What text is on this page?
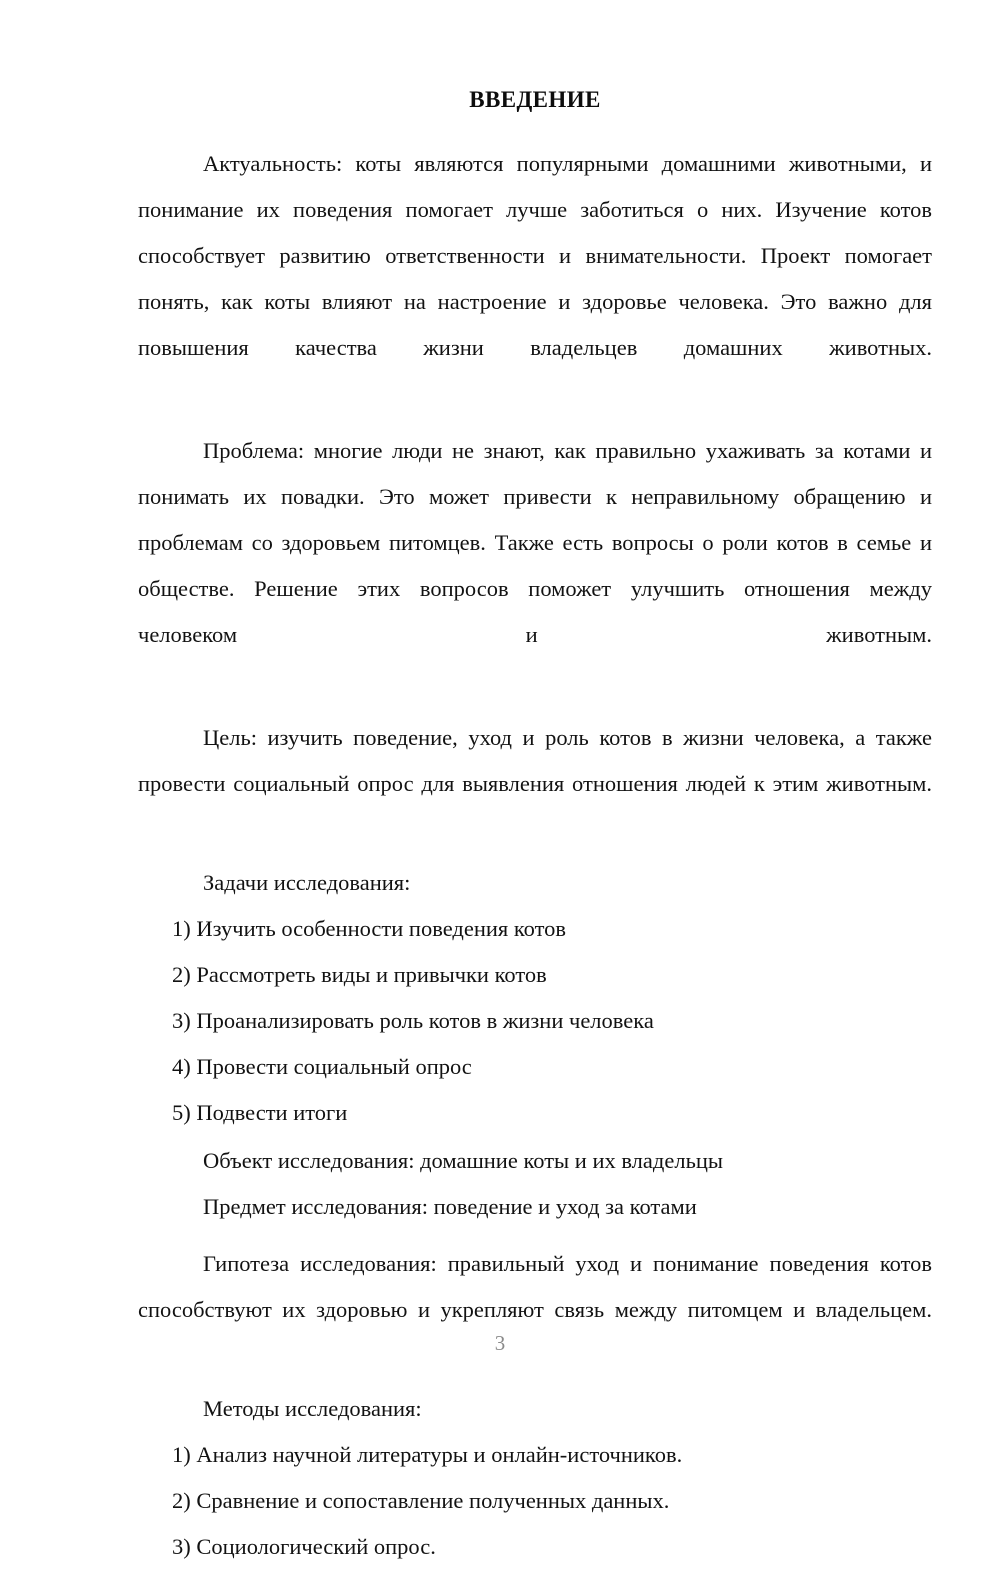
ВВЕДЕНИЕ

Актуальность: коты являются популярными домашними животными, и понимание их поведения помогает лучше заботиться о них. Изучение котов способствует развитию ответственности и внимательности. Проект помогает понять, как коты влияют на настроение и здоровье человека. Это важно для повышения качества жизни владельцев домашних животных.

Проблема: многие люди не знают, как правильно ухаживать за котами и понимать их повадки. Это может привести к неправильному обращению и проблемам со здоровьем питомцев. Также есть вопросы о роли котов в семье и обществе. Решение этих вопросов поможет улучшить отношения между человеком и животным.

Цель: изучить поведение, уход и роль котов в жизни человека, а также провести социальный опрос для выявления отношения людей к этим животным.

Задачи исследования:

1) Изучить особенности поведения котов
2) Рассмотреть виды и привычки котов
3) Проанализировать роль котов в жизни человека
4) Провести социальный опрос
5) Подвести итоги

Объект исследования: домашние коты и их владельцы

Предмет исследования: поведение и уход за котами

Гипотеза исследования: правильный уход и понимание поведения котов способствуют их здоровью и укрепляют связь между питомцем и владельцем.

Методы исследования:

1) Анализ научной литературы и онлайн-источников.
2) Сравнение и сопоставление полученных данных.
3) Социологический опрос.
3
